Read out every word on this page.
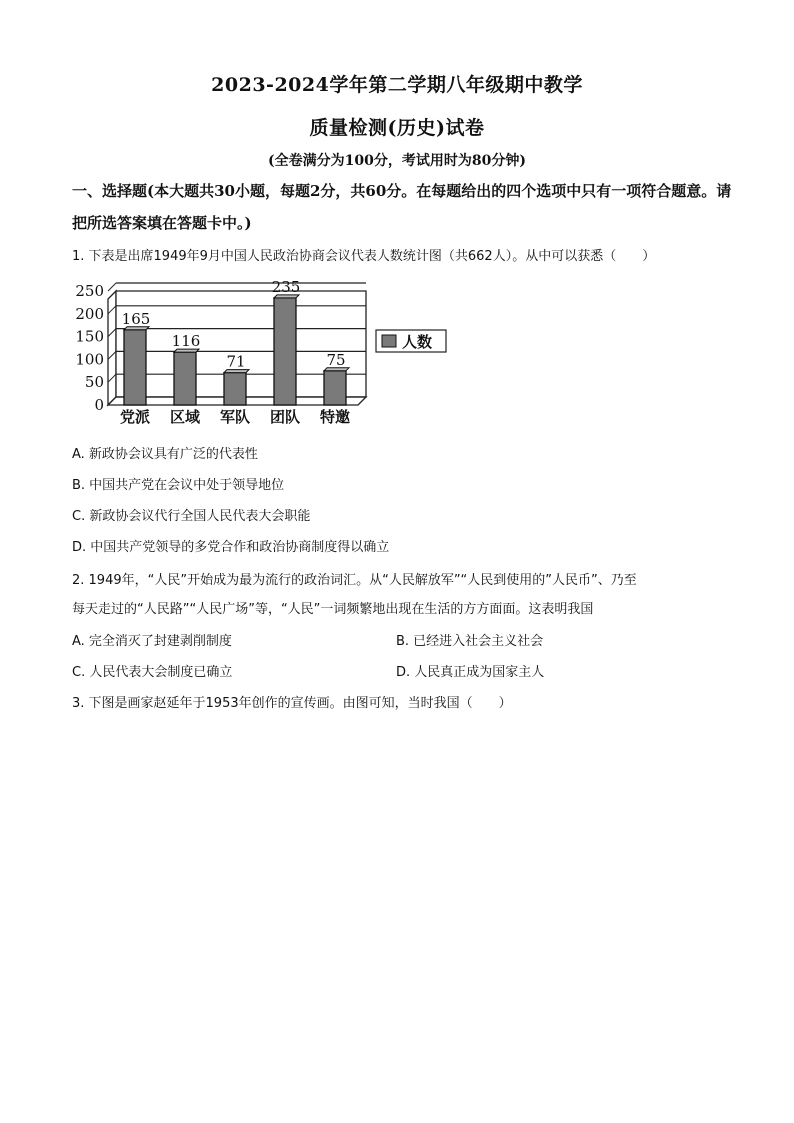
2023-2024学年第二学期八年级期中教学
质量检测(历史)试卷
(全卷满分为100分，考试用时为80分钟)
一、选择题(本大题共30小题，每题2分，共60分。在每题给出的四个选项中只有一项符合题意。请把所选答案填在答题卡中。)
1. 下表是出席1949年9月中国人民政治协商会议代表人数统计图（共662人）。从中可以获悉（　　）
0
50
100
150
200
250
165
党派
116
区域
71
军队
235
团队
75
特邀
人数
A. 新政协会议具有广泛的代表性
B. 中国共产党在会议中处于领导地位
C. 新政协会议代行全国人民代表大会职能
D. 中国共产党领导的多党合作和政治协商制度得以确立
2. 1949年，“人民”开始成为最为流行的政治词汇。从“人民解放军”“人民到使用的”人民币”、乃至
每天走过的“人民路”“人民广场”等，“人民”一词频繁地出现在生活的方方面面。这表明我国
A. 完全消灭了封建剥削制度	B. 已经进入社会主义社会
C. 人民代表大会制度已确立	D. 人民真正成为国家主人
3. 下图是画家赵延年于1953年创作的宣传画。由图可知，当时我国（　　）
